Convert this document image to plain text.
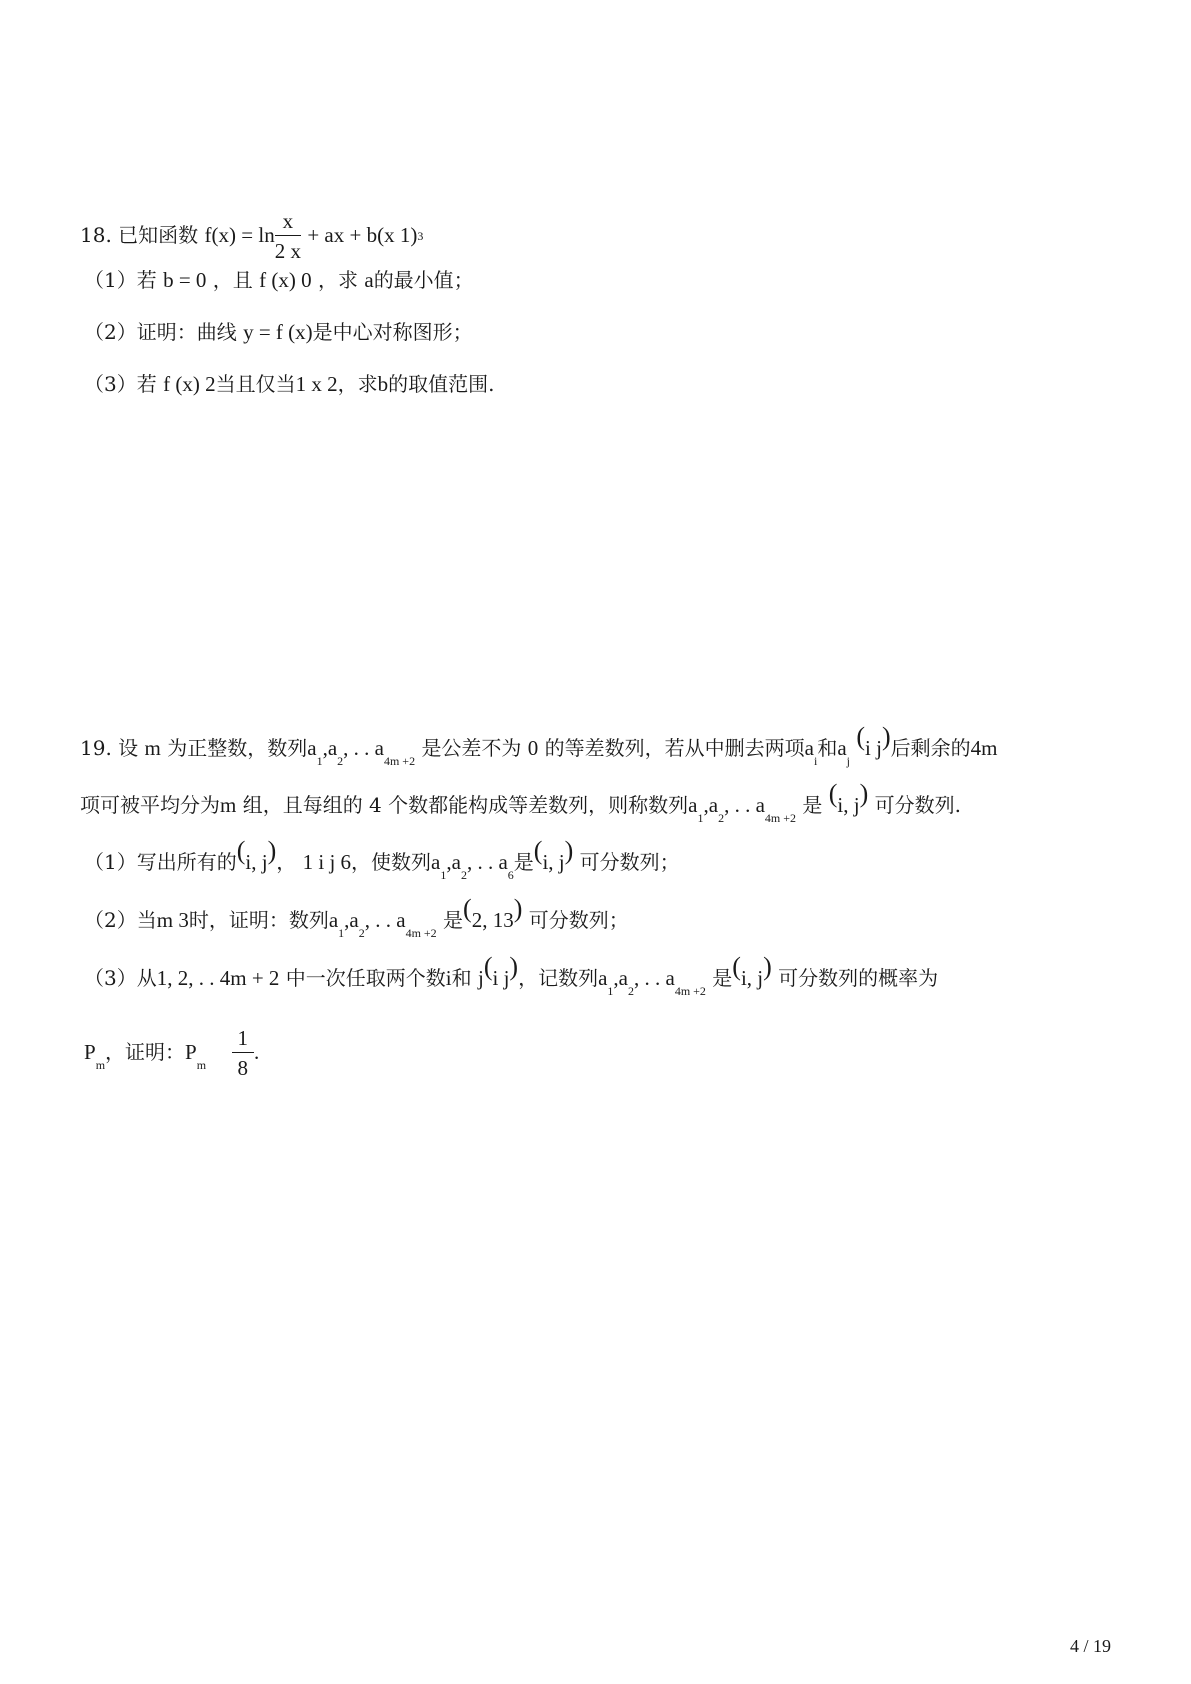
18. 已知函数 $f(x) = \ln \frac{x}{2 x}$ + ax + b(x 1)3
（1）若 b = 0 ，且 f (x) 0 ，求 a的最小值；
（2）证明：曲线 y = f (x)是中心对称图形；
（3）若 f (x) 2当且仅当1 x 2，求b的取值范围.
19. 设 m 为正整数，数列$a_1,a_2$, . . $a_{4m +2}$ 是公差不为 0 的等差数列，若从中删去两项$a_i$和$a_j$ (i j)后剩余的4m
项可被平均分为m 组，且每组的 4 个数都能构成等差数列，则称数列$a_1,a_2$, . . $a_{4m +2}$ 是 (i, j) 可分数列.
（1）写出所有的(i, j)， 1 i j 6，使数列$a_1,a_2$, . . $a_6$是(i, j) 可分数列；
（2）当m 3时，证明：数列$a_1,a_2$, . . $a_{4m +2}$ 是(2, 13) 可分数列；
（3）从1, 2, . . 4m + 2 中一次任取两个数i和 j(i j)，记数列$a_1,a_2$, . . $a_{4m +2}$ 是(i, j) 可分数列的概率为
$P_m$，证明：$P_m \frac{1}{8}$ .
4 / 19
